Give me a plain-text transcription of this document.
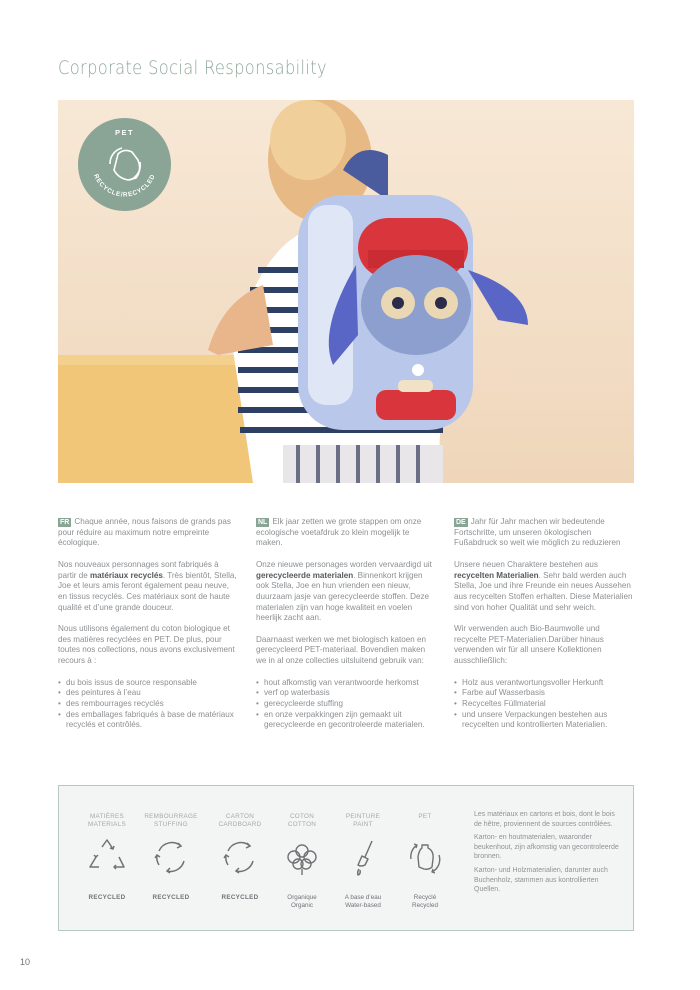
Corporate Social Responsability
PET
RECYCLE/RECYCLED

FR Chaque année, nous faisons de grands pas pour réduire au maximum notre empreinte écologique.

Nos nouveaux personnages sont fabriqués à partir de matériaux recyclés. Très bientôt, Stella, Joe et leurs amis feront également peau neuve, en tissus recyclés. Ces matériaux sont de haute qualité et d’une grande douceur.

Nous utilisons également du coton biologique et des matières recyclées en PET. De plus, pour toutes nos collections, nous avons exclusivement recours à :

• du bois issus de source responsable
• des peintures à l’eau
• des rembourrages recyclés
• des emballages fabriqués à base de matériaux recyclés et contrôlés.

NL Elk jaar zetten we grote stappen om onze ecologische voetafdruk zo klein mogelijk te maken.

Onze nieuwe personages worden vervaardigd uit gerecycleerde materialen. Binnenkort krijgen ook Stella, Joe en hun vrienden een nieuw, duurzaam jasje van gerecycleerde stoffen. Deze materialen zijn van hoge kwaliteit en voelen heerlijk zacht aan.

Daarnaast werken we met biologisch katoen en gerecycleerd PET-materiaal. Bovendien maken we in al onze collecties uitsluitend gebruik van:

• hout afkomstig van verantwoorde herkomst
• verf op waterbasis
• gerecycleerde stuffing
• en onze verpakkingen zijn gemaakt uit gerecycleerde en gecontroleerde materialen.

DE Jahr für Jahr machen wir bedeutende Fortschritte, um unseren ökologischen Fußabdruck so weit wie möglich zu reduzieren

Unsere neuen Charaktere bestehen aus recycelten Materialien. Sehr bald werden auch Stella, Joe und ihre Freunde ein neues Aussehen aus recycelten Stoffen erhalten. Diese Materialien sind von hoher Qualität und sehr weich.

Wir verwenden auch Bio-Baumwolle und recycelte PET-Materialien.Darüber hinaus verwenden wir für all unsere Kollektionen ausschließlich:

• Holz aus verantwortungsvoller Herkunft
• Farbe auf Wasserbasis
• Recyceltes Füllmaterial
• und unsere Verpackungen bestehen aus recycelten und kontrollierten Materialien.
MATIÈRES
MATERIALS
RECYCLED
REMBOURRAGE
STUFFING
RECYCLED
CARTON
CARDBOARD
RECYCLED
COTON
COTTON
Organique
Organic
PEINTURE
PAINT
A base d’eau
Water-based
PET
Recyclé
Recycled

Les matériaux en cartons et bois, dont le bois de hêtre, proviennent de sources contrôlées.

Karton- en houtmaterialen, waaronder beukenhout, zijn afkomstig van gecontroleerde bronnen.

Karton- und Holzmaterialien, darunter auch Buchenholz, stammen aus kontrollierten Quellen.

10
